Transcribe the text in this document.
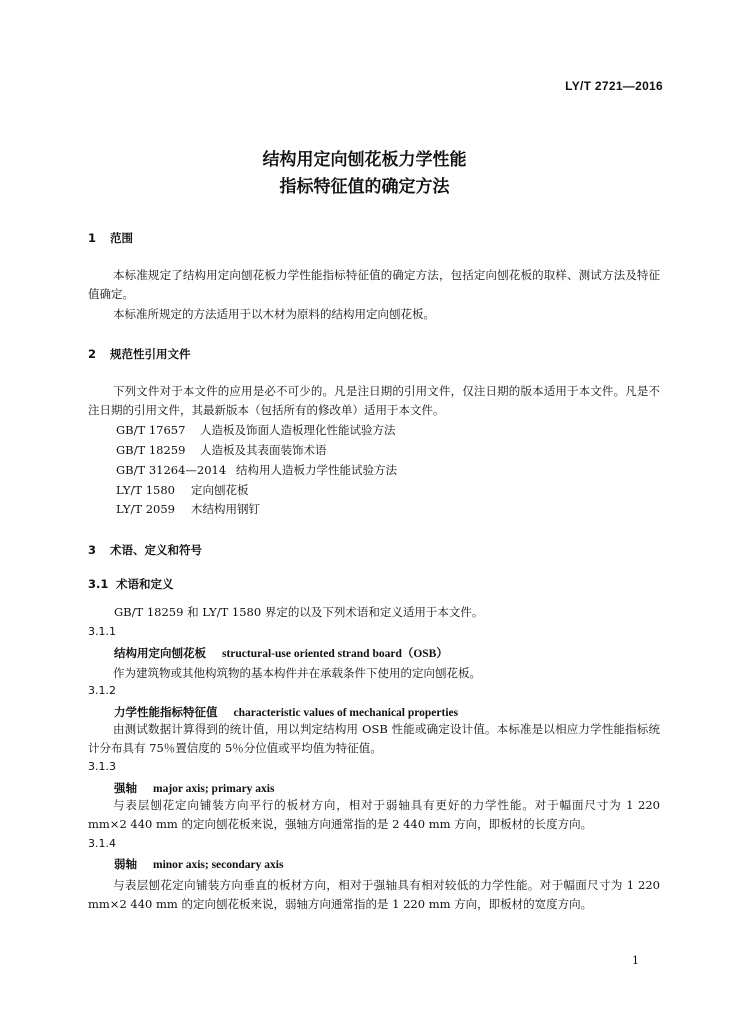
LY/T 2721—2016
结构用定向刨花板力学性能
指标特征值的确定方法
1 范围
本标准规定了结构用定向刨花板力学性能指标特征值的确定方法，包括定向刨花板的取样、测试方法及特征值确定。
本标准所规定的方法适用于以木材为原料的结构用定向刨花板。
2 规范性引用文件
下列文件对于本文件的应用是必不可少的。凡是注日期的引用文件，仅注日期的版本适用于本文件。凡是不注日期的引用文件，其最新版本（包括所有的修改单）适用于本文件。
GB/T 17657 人造板及饰面人造板理化性能试验方法
GB/T 18259 人造板及其表面装饰术语
GB/T 31264—2014 结构用人造板力学性能试验方法
LY/T 1580 定向刨花板
LY/T 2059 木结构用钢钉
3 术语、定义和符号
3.1 术语和定义
GB/T 18259 和 LY/T 1580 界定的以及下列术语和定义适用于本文件。
3.1.1
结构用定向刨花板 structural-use oriented strand board（OSB）
作为建筑物或其他构筑物的基本构件并在承载条件下使用的定向刨花板。
3.1.2
力学性能指标特征值 characteristic values of mechanical properties
由测试数据计算得到的统计值，用以判定结构用 OSB 性能或确定设计值。本标准是以相应力学性能指标统计分布具有 75％置信度的 5％分位值或平均值为特征值。
3.1.3
强轴 major axis; primary axis
与表层刨花定向铺装方向平行的板材方向，相对于弱轴具有更好的力学性能。对于幅面尺寸为 1 220 mm×2 440 mm 的定向刨花板来说，强轴方向通常指的是 2 440 mm 方向，即板材的长度方向。
3.1.4
弱轴 minor axis; secondary axis
与表层刨花定向铺装方向垂直的板材方向，相对于强轴具有相对较低的力学性能。对于幅面尺寸为 1 220 mm×2 440 mm 的定向刨花板来说，弱轴方向通常指的是 1 220 mm 方向，即板材的宽度方向。
1
